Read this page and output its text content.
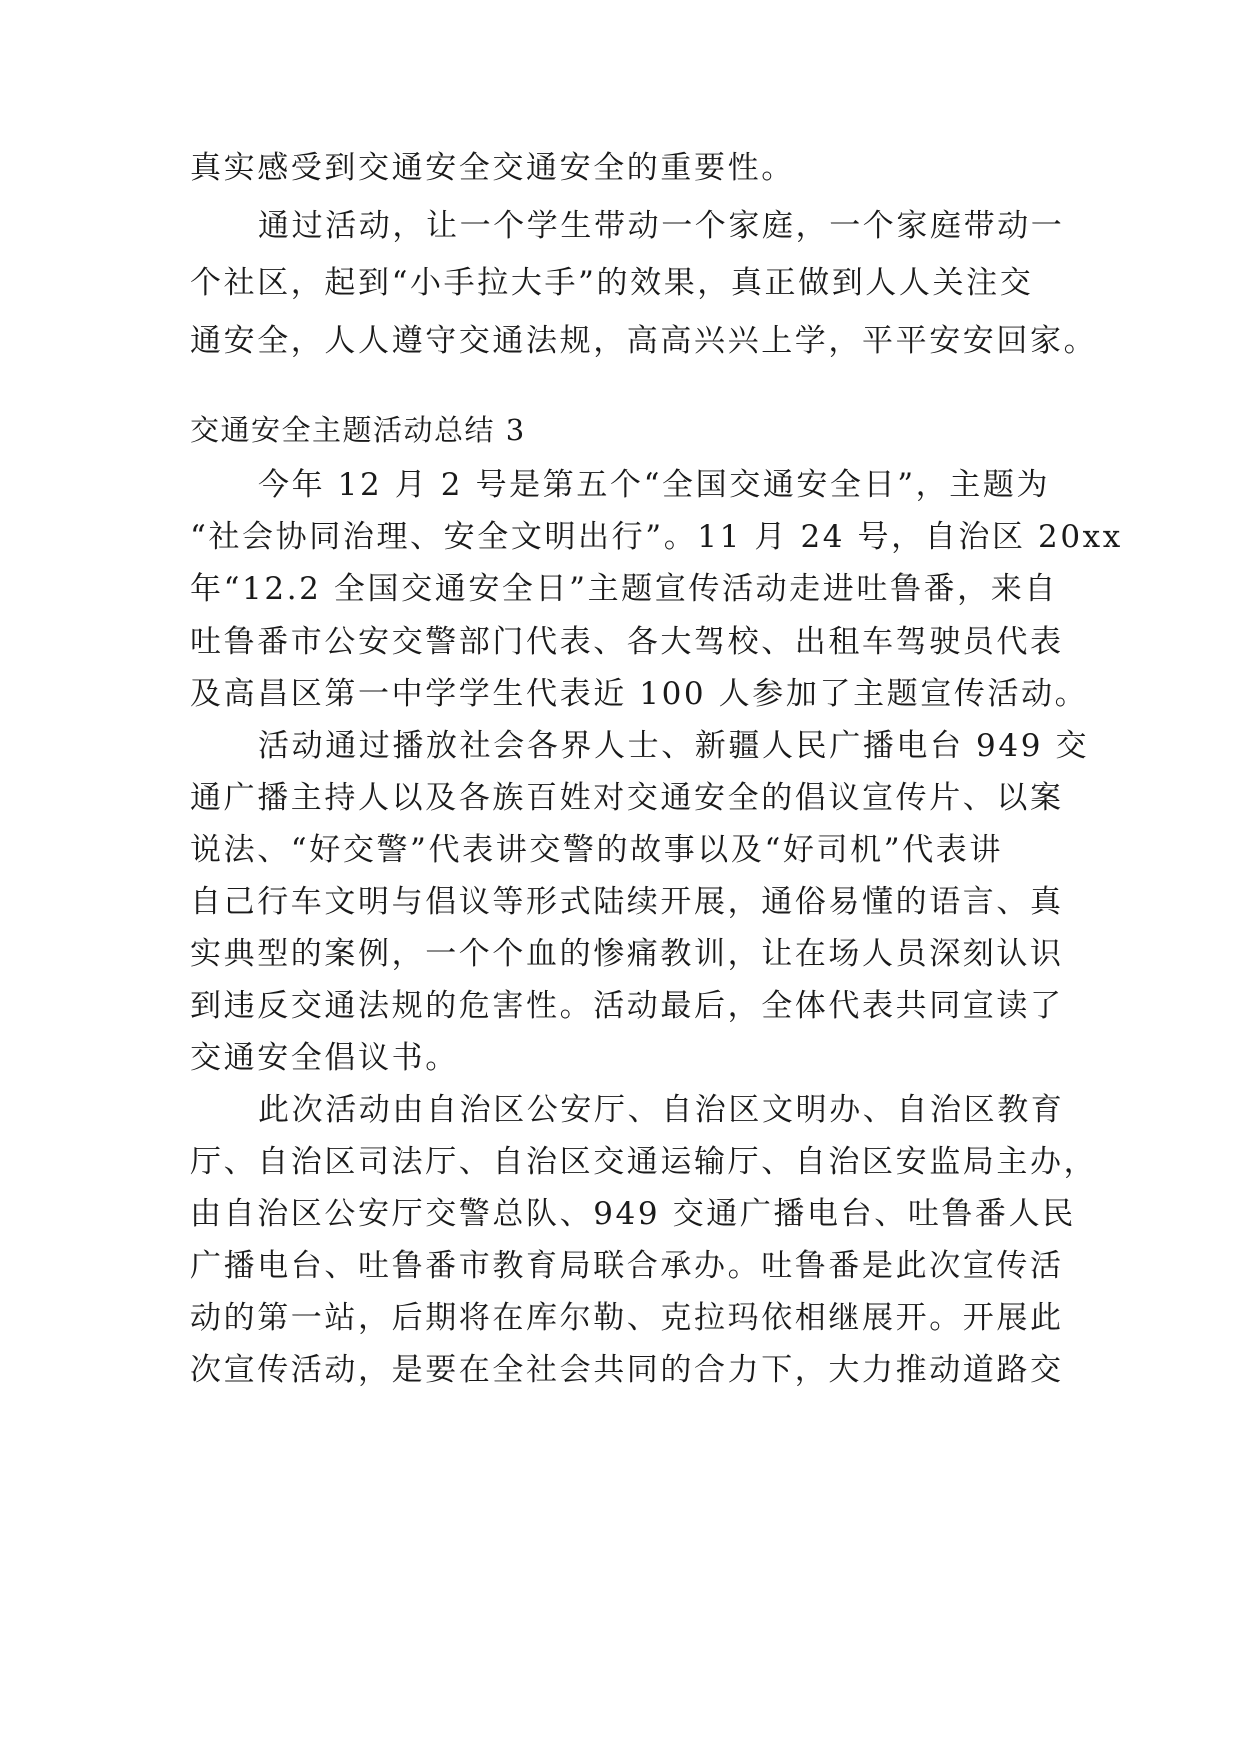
真实感受到交通安全交通安全的重要性。
通过活动，让一个学生带动一个家庭，一个家庭带动一
个社区，起到“小手拉大手”的效果，真正做到人人关注交
通安全，人人遵守交通法规，高高兴兴上学，平平安安回家。
交通安全主题活动总结 3
今年 12 月 2 号是第五个“全国交通安全日”，主题为
“社会协同治理、安全文明出行”。11 月 24 号，自治区 20xx
年“12.2 全国交通安全日”主题宣传活动走进吐鲁番，来自
吐鲁番市公安交警部门代表、各大驾校、出租车驾驶员代表
及高昌区第一中学学生代表近 100 人参加了主题宣传活动。
活动通过播放社会各界人士、新疆人民广播电台 949 交
通广播主持人以及各族百姓对交通安全的倡议宣传片、以案
说法、“好交警”代表讲交警的故事以及“好司机”代表讲
自己行车文明与倡议等形式陆续开展，通俗易懂的语言、真
实典型的案例，一个个血的惨痛教训，让在场人员深刻认识
到违反交通法规的危害性。活动最后，全体代表共同宣读了
交通安全倡议书。
此次活动由自治区公安厅、自治区文明办、自治区教育
厅、自治区司法厅、自治区交通运输厅、自治区安监局主办，
由自治区公安厅交警总队、949 交通广播电台、吐鲁番人民
广播电台、吐鲁番市教育局联合承办。吐鲁番是此次宣传活
动的第一站，后期将在库尔勒、克拉玛依相继展开。开展此
次宣传活动，是要在全社会共同的合力下，大力推动道路交
